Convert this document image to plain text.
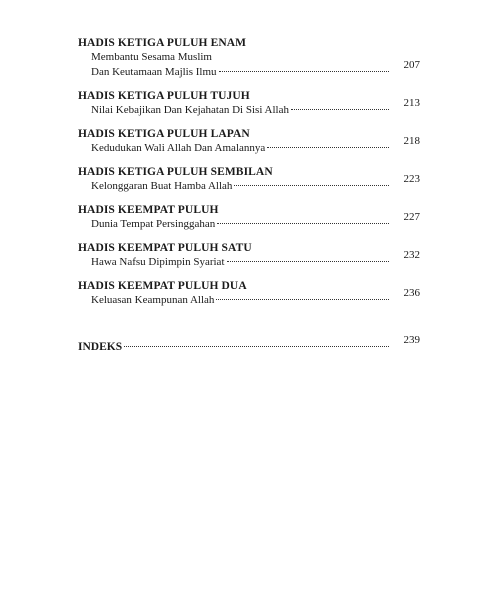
HADIS KETIGA PULUH ENAM
Membantu Sesama Muslim
Dan Keutamaan Majlis Ilmu
207
HADIS KETIGA PULUH TUJUH
Nilai Kebajikan Dan Kejahatan Di Sisi Allah
213
HADIS KETIGA PULUH LAPAN
Kedudukan Wali Allah Dan Amalannya
218
HADIS KETIGA PULUH SEMBILAN
Kelonggaran Buat Hamba Allah
223
HADIS KEEMPAT PULUH
Dunia Tempat Persinggahan
227
HADIS KEEMPAT PULUH SATU
Hawa Nafsu Dipimpin Syariat
232
HADIS KEEMPAT PULUH DUA
Keluasan Keampunan Allah
236
INDEKS
239
